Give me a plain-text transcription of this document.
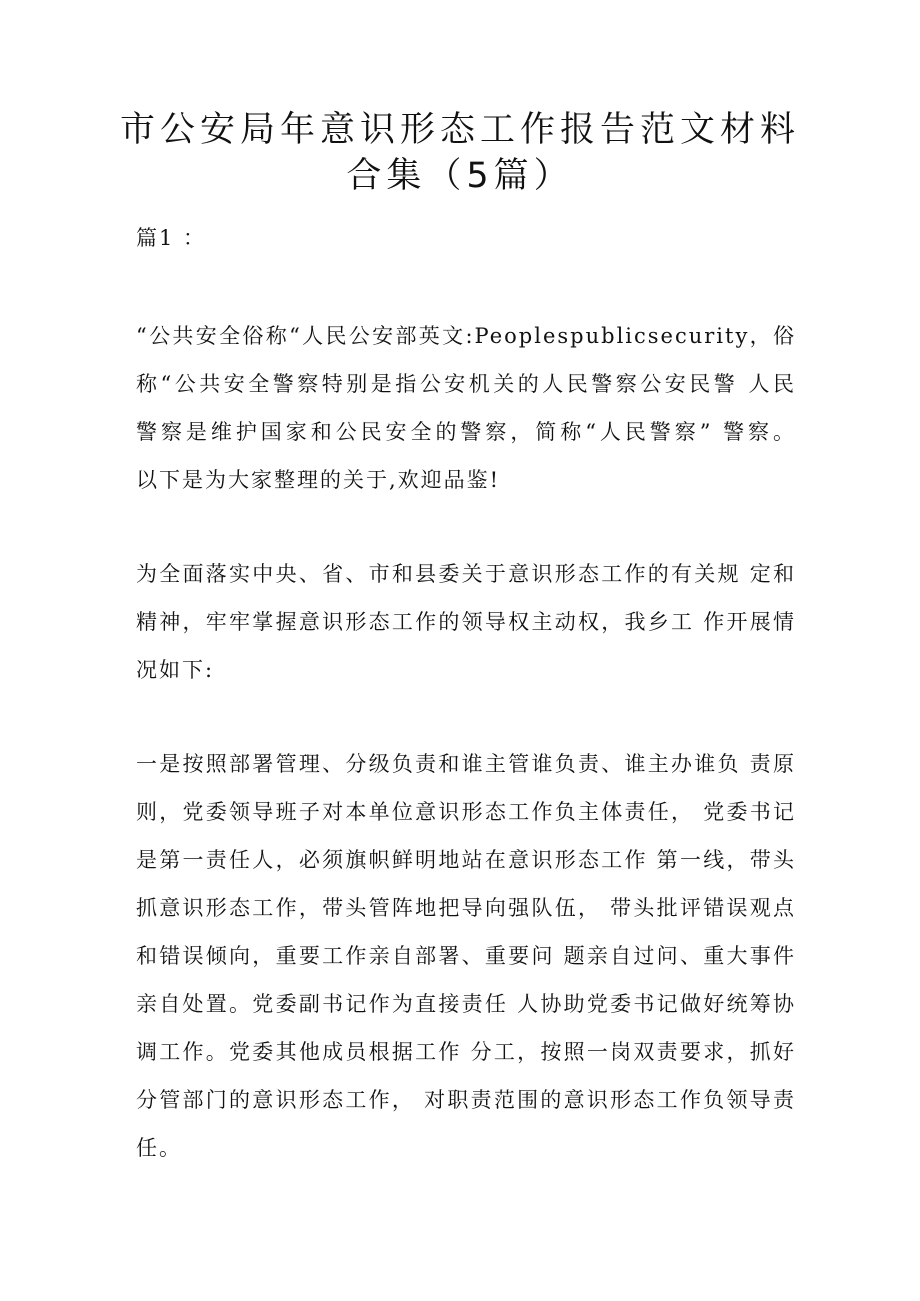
市公安局年意识形态工作报告范文材料
合集（5篇）

篇1 ：

“公共安全俗称“人民公安部英文:Peoplespublicsecurity，俗
称“公共安全警察特别是指公安机关的人民警察公安民警 人民
警察是维护国家和公民安全的警察，简称“人民警察” 警察。
以下是为大家整理的关于,欢迎品鉴!

为全面落实中央、省、市和县委关于意识形态工作的有关规 定和
精神，牢牢掌握意识形态工作的领导权主动权，我乡工 作开展情
况如下:

一是按照部署管理、分级负责和谁主管谁负责、谁主办谁负 责原
则，党委领导班子对本单位意识形态工作负主体责任， 党委书记
是第一责任人，必须旗帜鲜明地站在意识形态工作 第一线，带头
抓意识形态工作，带头管阵地把导向强队伍， 带头批评错误观点
和错误倾向，重要工作亲自部署、重要问 题亲自过问、重大事件
亲自处置。党委副书记作为直接责任 人协助党委书记做好统筹协
调工作。党委其他成员根据工作 分工，按照一岗双责要求，抓好
分管部门的意识形态工作， 对职责范围的意识形态工作负领导责
任。
